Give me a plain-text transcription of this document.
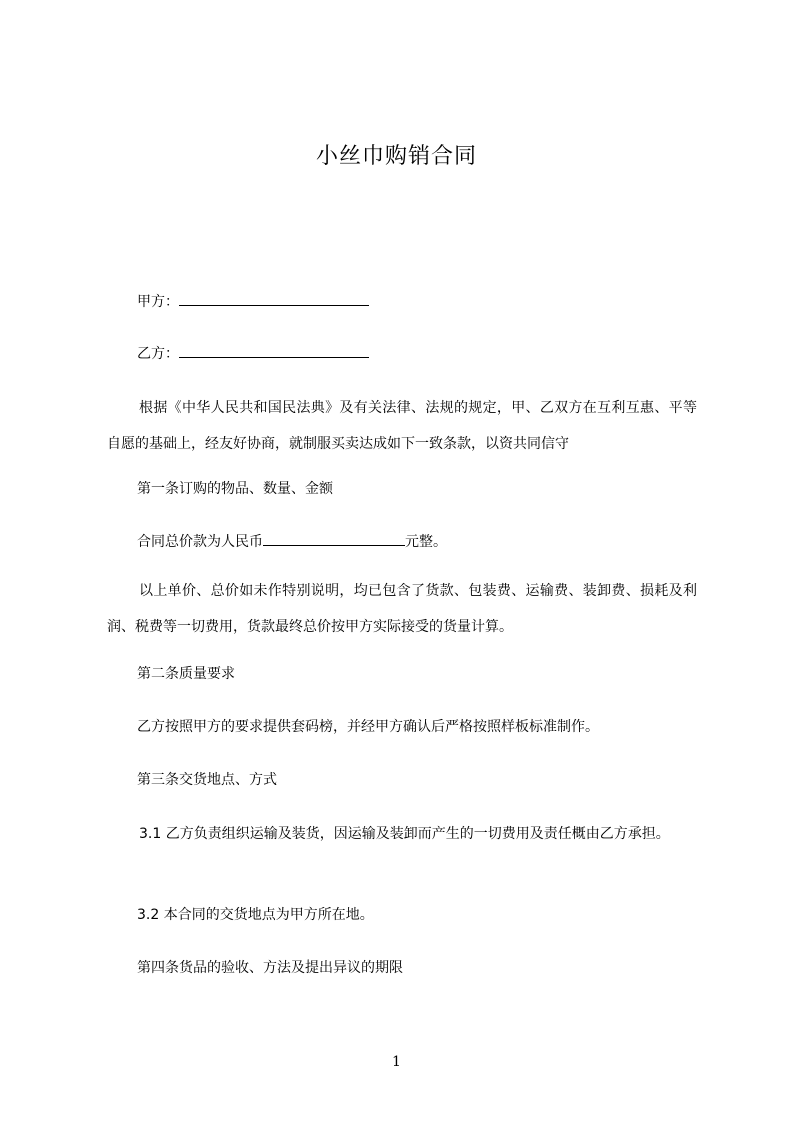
小丝巾购销合同
甲方：
乙方：
根据《中华人民共和国民法典》及有关法律、法规的规定，甲、乙双方在互利互惠、平等自愿的基础上，经友好协商，就制服买卖达成如下一致条款，以资共同信守
第一条订购的物品、数量、金额
合同总价款为人民币	元整。
以上单价、总价如未作特别说明，均已包含了货款、包装费、运输费、装卸费、损耗及利润、税费等一切费用，货款最终总价按甲方实际接受的货量计算。
第二条质量要求
乙方按照甲方的要求提供套码榜，并经甲方确认后严格按照样板标准制作。
第三条交货地点、方式
3.1 乙方负责组织运输及装货，因运输及装卸而产生的一切费用及责任概由乙方承担。
3.2 本合同的交货地点为甲方所在地。
第四条货品的验收、方法及提出异议的期限
1
